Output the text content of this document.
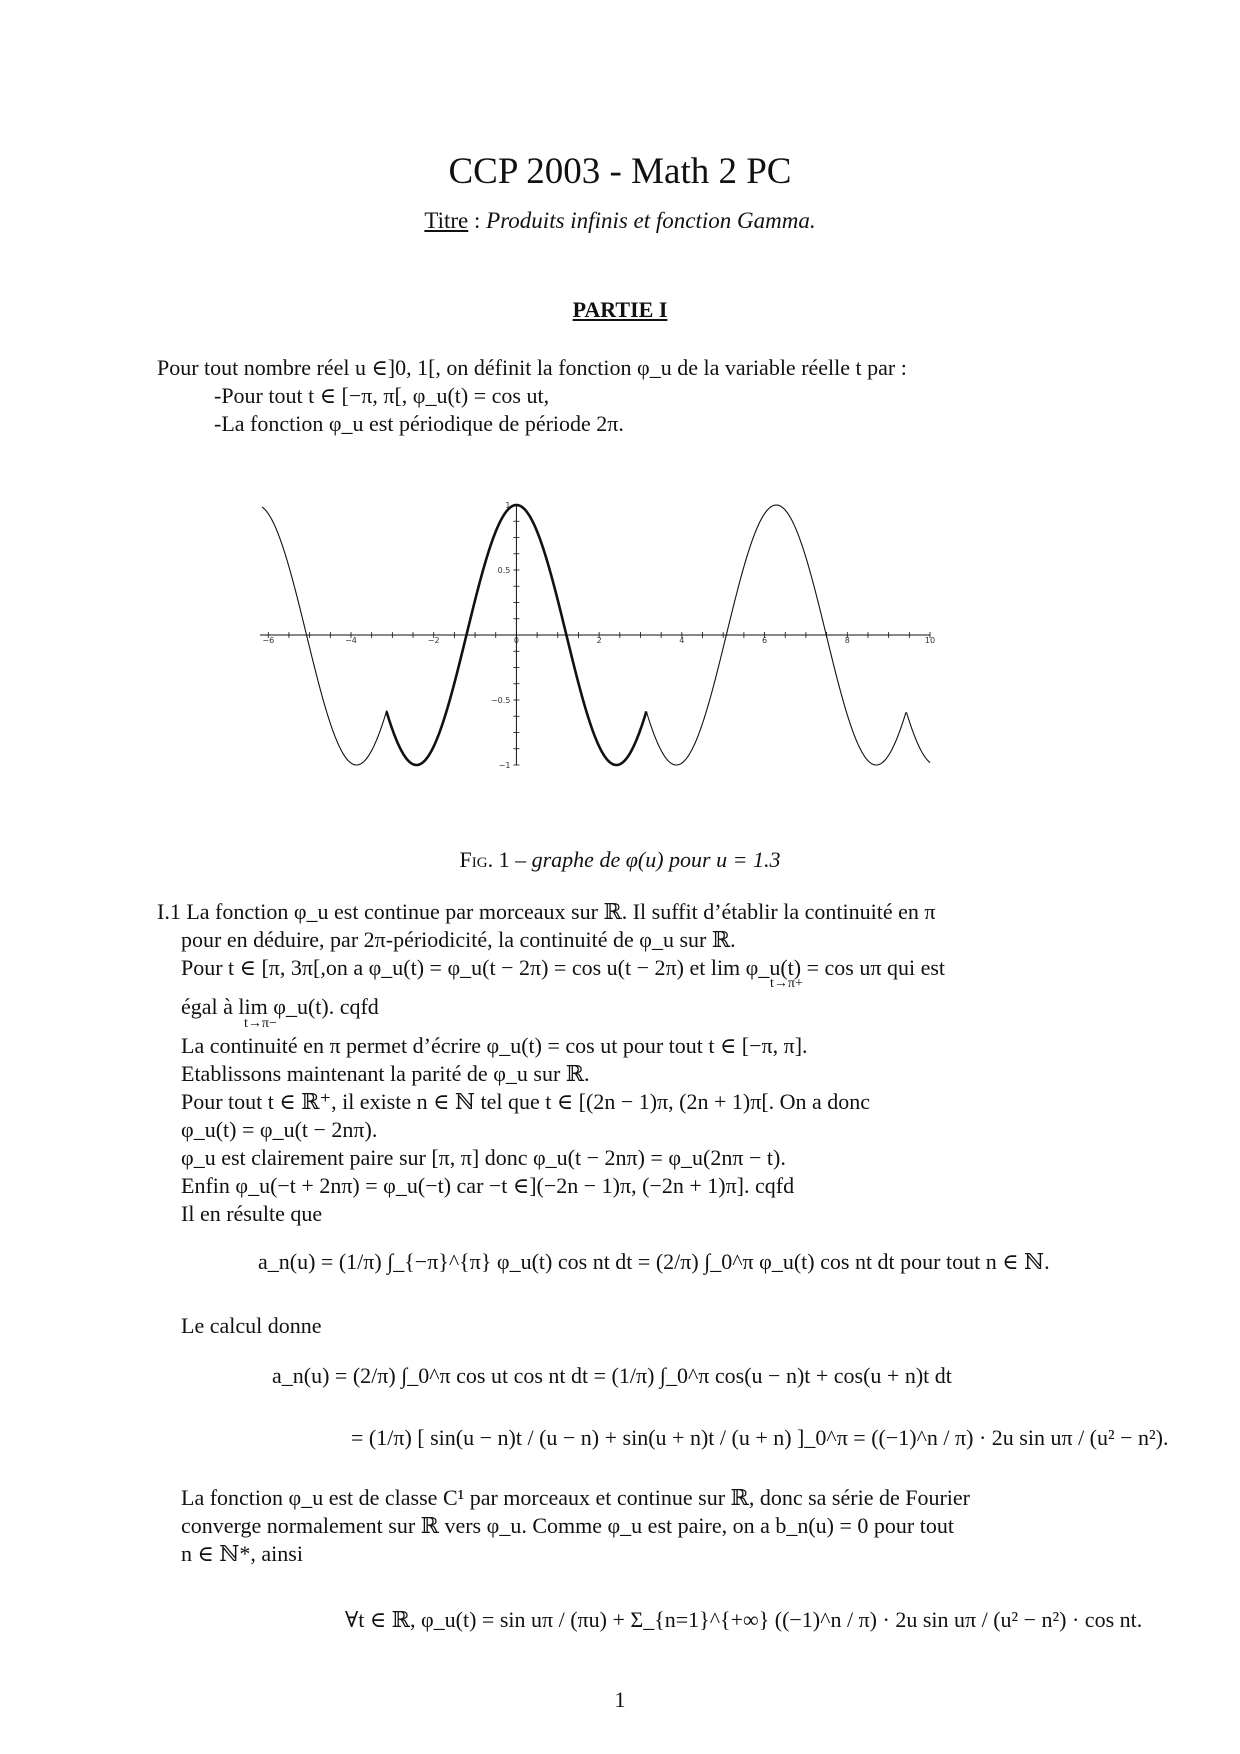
CCP 2003 - Math 2 PC
Titre : Produits infinis et fonction Gamma.
PARTIE I
Pour tout nombre réel u ∈]0, 1[, on définit la fonction φ_u de la variable réelle t par :
-Pour tout t ∈ [−π, π[, φ_u(t) = cos ut,
-La fonction φ_u est périodique de période 2π.
−6	−4	−2	0	2	4	6	8	10
1
0.5
−0.5
−1
Fig. 1 – graphe de φ(u) pour u = 1.3
I.1 La fonction φ_u est continue par morceaux sur ℝ. Il suffit d’établir la continuité en π
pour en déduire, par 2π-périodicité, la continuité de φ_u sur ℝ.
Pour t ∈ [π, 3π[,on a φ_u(t) = φ_u(t − 2π) = cos u(t − 2π) et lim φ_u(t) = cos uπ qui est
t→π+
égal à lim φ_u(t). cqfd
t→π−
La continuité en π permet d’écrire φ_u(t) = cos ut pour tout t ∈ [−π, π].
Etablissons maintenant la parité de φ_u sur ℝ.
Pour tout t ∈ ℝ⁺, il existe n ∈ ℕ tel que t ∈ [(2n − 1)π, (2n + 1)π[. On a donc
φ_u(t) = φ_u(t − 2nπ).
φ_u est clairement paire sur [π, π] donc φ_u(t − 2nπ) = φ_u(2nπ − t).
Enfin φ_u(−t + 2nπ) = φ_u(−t) car −t ∈](−2n − 1)π, (−2n + 1)π]. cqfd
Il en résulte que
a_n(u) = (1/π) ∫_{−π}^{π} φ_u(t) cos nt dt = (2/π) ∫_0^π φ_u(t) cos nt dt pour tout n ∈ ℕ.
Le calcul donne
a_n(u) = (2/π) ∫_0^π cos ut cos nt dt = (1/π) ∫_0^π cos(u − n)t + cos(u + n)t dt
= (1/π) [ sin(u − n)t / (u − n) + sin(u + n)t / (u + n) ]_0^π = ((−1)^n / π) · 2u sin uπ / (u² − n²).
La fonction φ_u est de classe C¹ par morceaux et continue sur ℝ, donc sa série de Fourier
converge normalement sur ℝ vers φ_u. Comme φ_u est paire, on a b_n(u) = 0 pour tout
n ∈ ℕ*, ainsi
∀t ∈ ℝ, φ_u(t) = sin uπ / (πu) + Σ_{n=1}^{+∞} ((−1)^n / π) · 2u sin uπ / (u² − n²) · cos nt.
1
